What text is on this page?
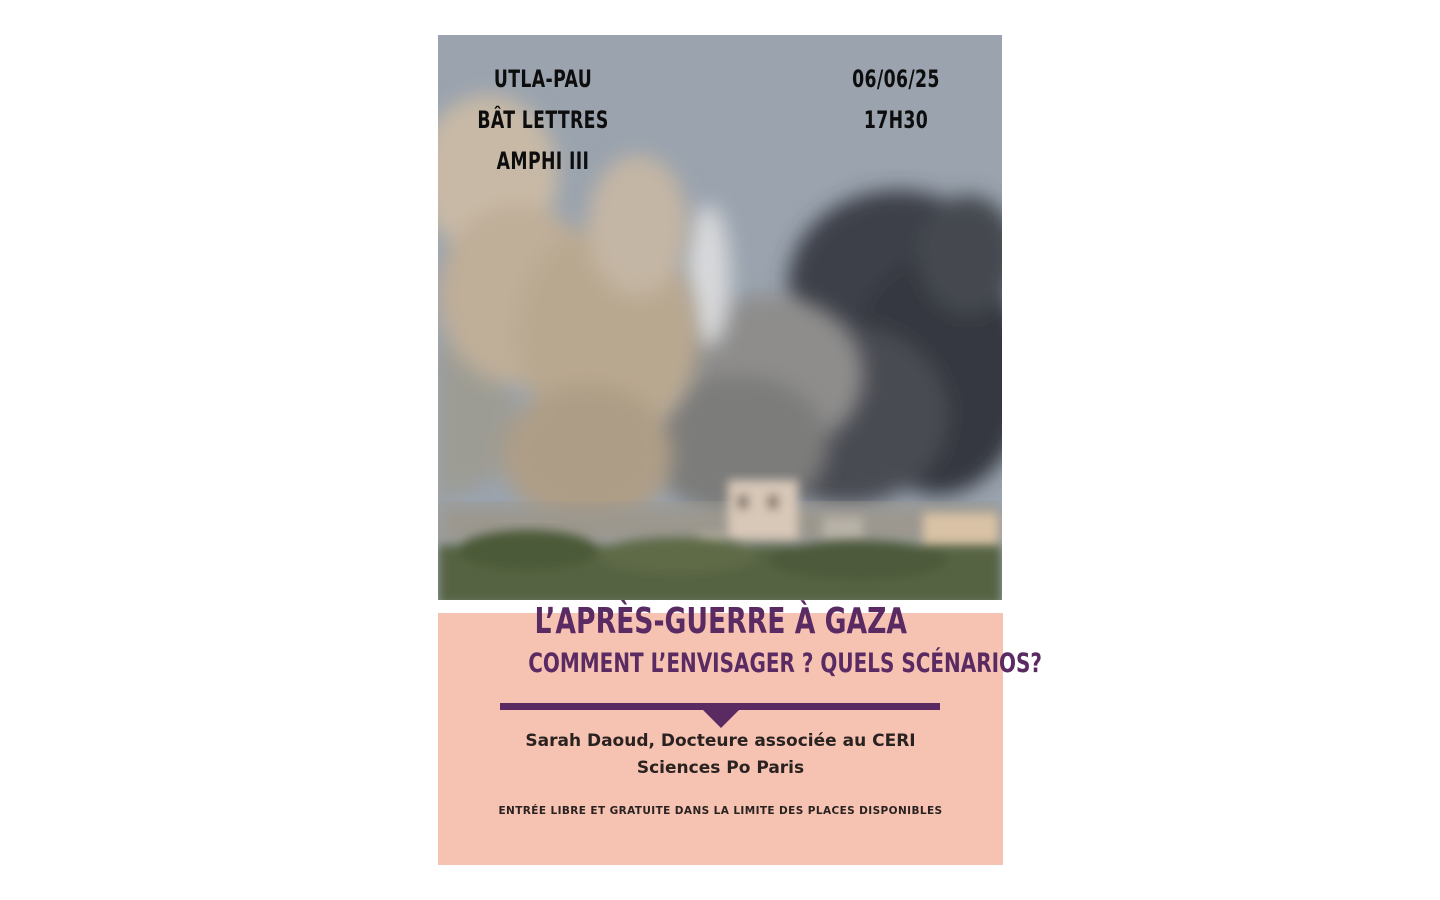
UTLA-PAU
BÂT LETTRES
AMPHI III
06/06/25
17H30
L’APRÈS-GUERRE À GAZA
COMMENT L’ENVISAGER ? QUELS SCÉNARIOS?
Sarah Daoud, Docteure associée au CERI
Sciences Po Paris
ENTRÉE LIBRE ET GRATUITE DANS LA LIMITE DES PLACES DISPONIBLES
